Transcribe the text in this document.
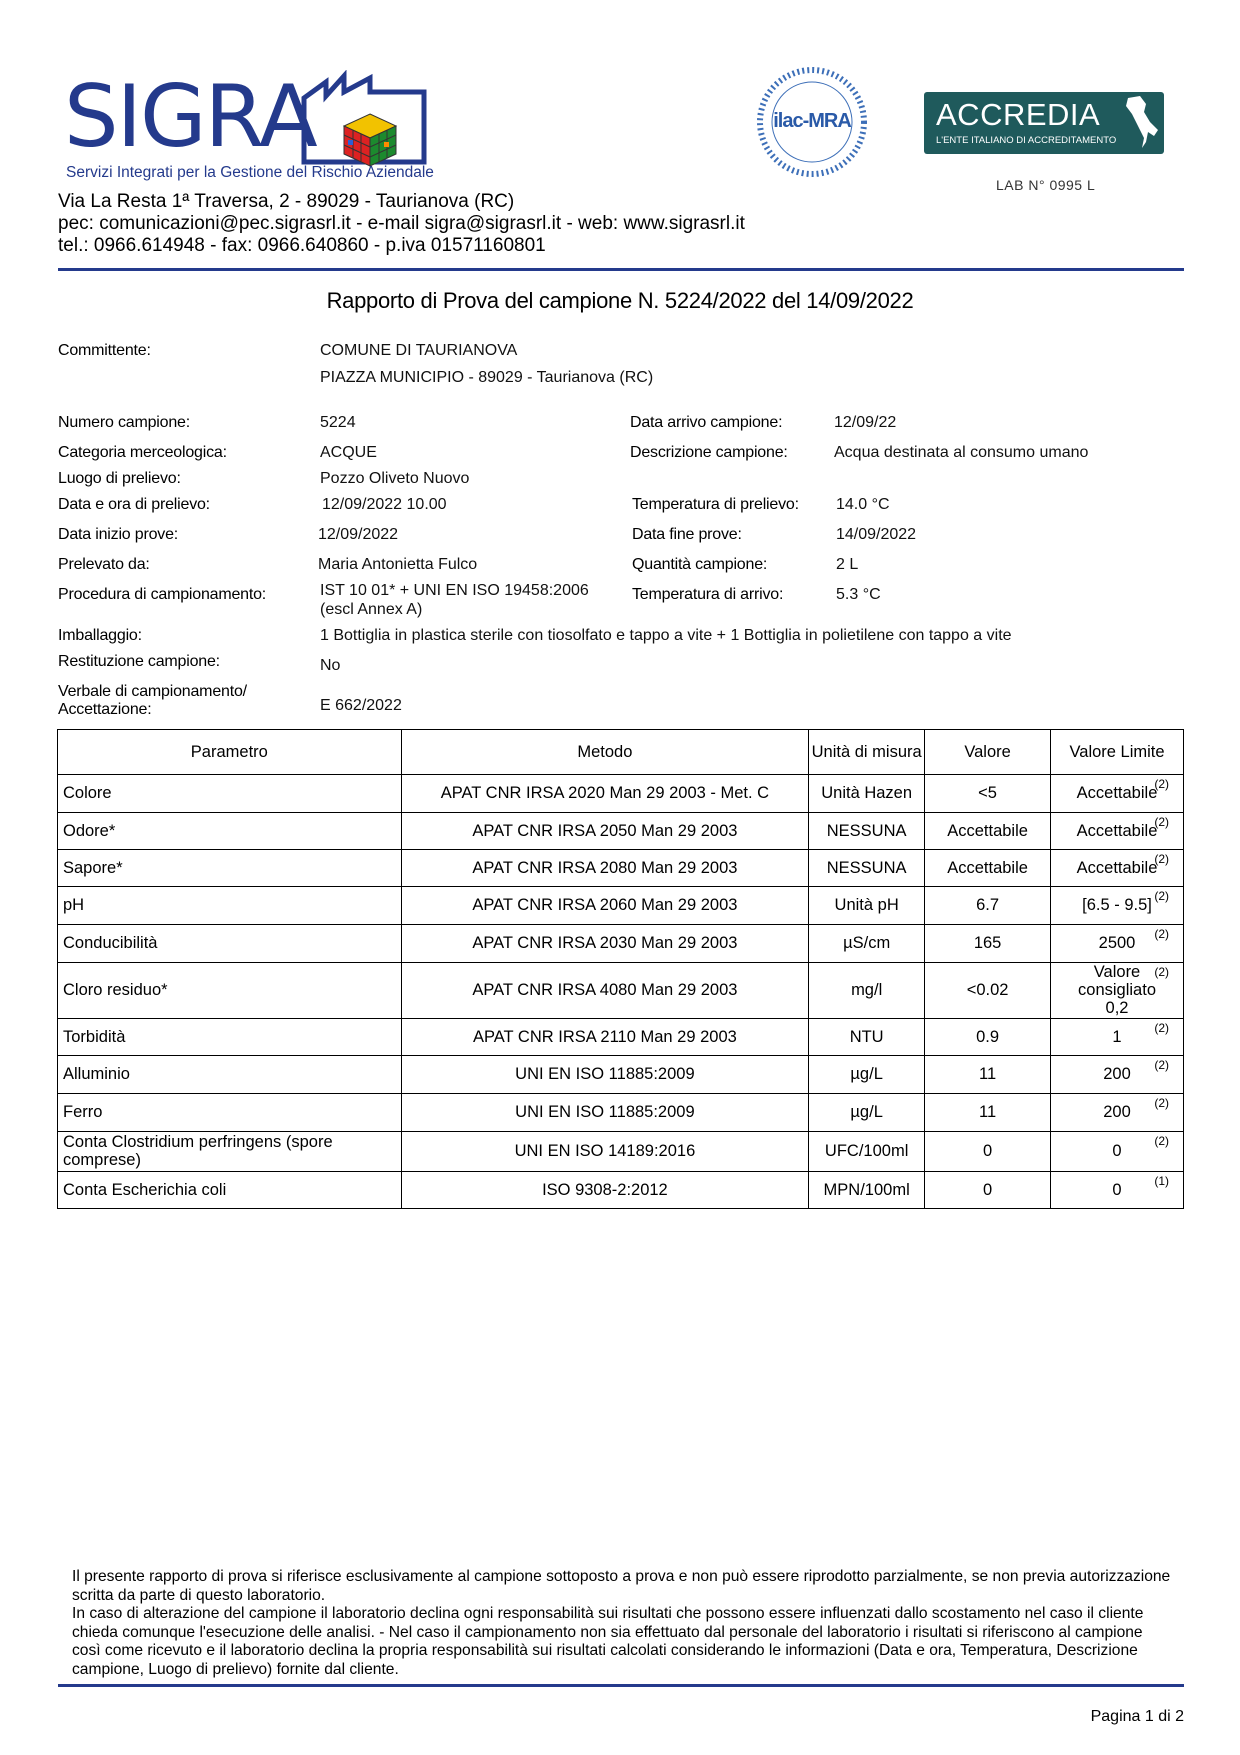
SIGRA
Servizi Integrati per la Gestione del Rischio Aziendale
Via La Resta 1ª Traversa, 2 - 89029 - Taurianova (RC)
pec: comunicazioni@pec.sigrasrl.it - e-mail sigra@sigrasrl.it - web: www.sigrasrl.it
tel.: 0966.614948 - fax: 0966.640860 - p.iva 01571160801
ilac-MRA	ACCREDIA
L'ENTE ITALIANO DI ACCREDITAMENTO
LAB N° 0995 L
Rapporto di Prova del campione N. 5224/2022 del 14/09/2022
Committente:	COMUNE DI TAURIANOVA
PIAZZA MUNICIPIO - 89029 - Taurianova (RC)
Numero campione:	5224	Data arrivo campione:	12/09/22
Categoria merceologica:	ACQUE	Descrizione campione:	Acqua destinata al consumo umano
Luogo di prelievo:	Pozzo Oliveto Nuovo
Data e ora di prelievo:	12/09/2022 10.00	Temperatura di prelievo: 14.0 °C
Data inizio prove:	12/09/2022	Data fine prove:	14/09/2022
Prelevato da:	Maria Antonietta Fulco	Quantità campione:	2 L
Procedura di campionamento:	IST 10 01* + UNI EN ISO 19458:2006
(escl Annex A)
Temperatura di arrivo:	5.3 °C
Imballaggio:	1 Bottiglia in plastica sterile con tiosolfato e tappo a vite + 1 Bottiglia in polietilene con tappo a vite
Restituzione campione:	No
Verbale di campionamento/
Accettazione:	E 662/2022
Parametro	Metodo	Unità di misura	Valore	Valore Limite
Colore	APAT CNR IRSA 2020 Man 29 2003 - Met. C	Unità Hazen	<5	Accettabile
(2)

Odore*	APAT CNR IRSA 2050 Man 29 2003	NESSUNA	Accettabile	Accettabile
(2)

Sapore*	APAT CNR IRSA 2080 Man 29 2003	NESSUNA	Accettabile	Accettabile
(2)

pH	APAT CNR IRSA 2060 Man 29 2003	Unità pH	6.7	[6.5 - 9.5] (2)

Conducibilità	APAT CNR IRSA 2030 Man 29 2003	µS/cm	165	2500 (2)

Cloro residuo*	APAT CNR IRSA 4080 Man 29 2003	mg/l	<0.02	Valore consigliato 0,2
(2)

Torbidità	APAT CNR IRSA 2110 Man 29 2003	NTU	0.9	1 (2)

Alluminio	UNI EN ISO 11885:2009	µg/L	11	200 (2)

Ferro	UNI EN ISO 11885:2009	µg/L	11	200 (2)

Conta Clostridium perfringens (spore comprese)	UNI EN ISO 14189:2016	UFC/100ml	0	0
(2)

Conta Escherichia coli	ISO 9308-2:2012	MPN/100ml	0	0 (1)
Il presente rapporto di prova si riferisce esclusivamente al campione sottoposto a prova e non può essere riprodotto parzialmente, se non previa autorizzazione scritta da parte di questo laboratorio.
In caso di alterazione del campione il laboratorio declina ogni responsabilità sui risultati che possono essere influenzati dallo scostamento nel caso il cliente chieda comunque l'esecuzione delle analisi. - Nel caso il campionamento non sia effettuato dal personale del laboratorio i risultati si riferiscono al campione così come ricevuto e il laboratorio declina la propria responsabilità sui risultati calcolati considerando le informazioni (Data e ora, Temperatura, Descrizione campione, Luogo di prelievo) fornite dal cliente.
Pagina 1 di 2
